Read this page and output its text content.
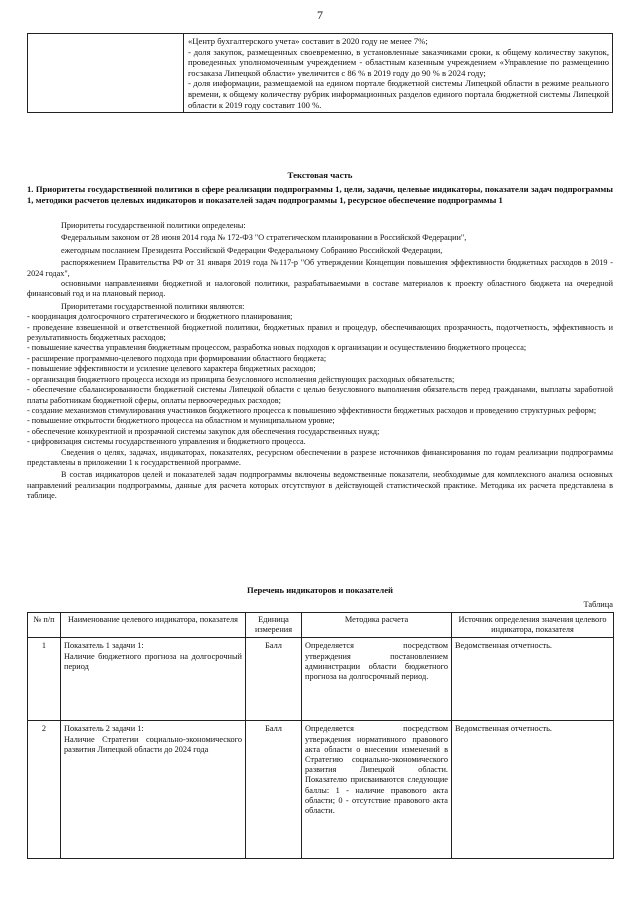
7

«Центр бухгалтерского учета» составит в 2020 году не менее 7%;

- доля закупок, размещенных своевременно, в установленные заказчиками сроки, к общему количеству закупок, проведенных уполномоченным учреждением - областным казенным учреждением «Управление по размещению госзаказа Липецкой области» увеличится с 86 % в 2019 году до 90 % в 2024 году;

- доля информации, размещаемой на едином портале бюджетной системы Липецкой области в режиме реального времени, к общему количеству рубрик информационных разделов единого портала бюджетной системы Липецкой области к 2019 году составит 100 %.

Текстовая часть
1. Приоритеты государственной политики в сфере реализации подпрограммы 1, цели, задачи, целевые индикаторы, показатели задач подпрограммы 1, методики расчетов целевых индикаторов и показателей задач подпрограммы 1, ресурсное обеспечение подпрограммы 1

Приоритеты государственной политики определены:

Федеральным законом от 28 июня 2014 года № 172-ФЗ "О стратегическом планировании в Российской Федерации",

ежегодным посланием Президента Российской Федерации Федеральному Собранию Российской Федерации,

распоряжением Правительства РФ от 31 января 2019 года №117-р "Об утверждении Концепции повышения эффективности бюджетных расходов в 2019 - 2024 годах",

основными направлениями бюджетной и налоговой политики, разрабатываемыми в составе материалов к проекту областного бюджета на очередной финансовый год и на плановый период.

Приоритетами государственной политики являются:

- координация долгосрочного стратегического и бюджетного планирования;

- проведение взвешенной и ответственной бюджетной политики, бюджетных правил и процедур, обеспечивающих прозрачность, подотчетность, эффективность и результативность бюджетных расходов;

- повышение качества управления бюджетным процессом, разработка новых подходов к организации и осуществлению бюджетного процесса;

- расширение программно-целевого подхода при формировании областного бюджета;

- повышение эффективности и усиление целевого характера бюджетных расходов;

- организация бюджетного процесса исходя из принципа безусловного исполнения действующих расходных обязательств;

- обеспечение сбалансированности бюджетной системы Липецкой области с целью безусловного выполнения обязательств перед гражданами, выплаты заработной платы работникам бюджетной сферы, оплаты первоочередных расходов;

- создание механизмов стимулирования участников бюджетного процесса к повышению эффективности бюджетных расходов и проведению структурных реформ;

- повышение открытости бюджетного процесса на областном и муниципальном уровне;

- обеспечение конкурентной и прозрачной системы закупок для обеспечения государственных нужд;

- цифровизация системы государственного управления и бюджетного процесса.

Сведения о целях, задачах, индикаторах, показателях, ресурсном обеспечении в разрезе источников финансирования по годам реализации подпрограммы представлены в приложении 1 к государственной программе.

В состав индикаторов целей и показателей задач подпрограммы включены ведомственные показатели, необходимые для комплексного анализа основных направлений реализации подпрограммы, данные для расчета которых отсутствуют в действующей статистической практике. Методика их расчета представлена в таблице.

Перечень индикаторов и показателей
Таблица
№ п/п	Наименование целевого индикатора, показателя	Единица измерения	Методика расчета	Источник определения значения целевого индикатора, показателя
1	Показатель 1 задачи 1:
Наличие бюджетного прогноза на долгосрочный период	Балл	Определяется посредством утверждения постановлением администрации области бюджетного прогноза на долгосрочный период.	Ведомственная отчетность.
2	Показатель 2 задачи 1:
Наличие Стратегии социально-экономического развития Липецкой области до 2024 года	Балл	Определяется посредством утверждения нормативного правового акта области о внесении изменений в Стратегию социально-экономического развития Липецкой области. Показателю присваиваются следующие баллы: 1 - наличие правового акта области; 0 - отсутствие правового акта области.	Ведомственная отчетность.
